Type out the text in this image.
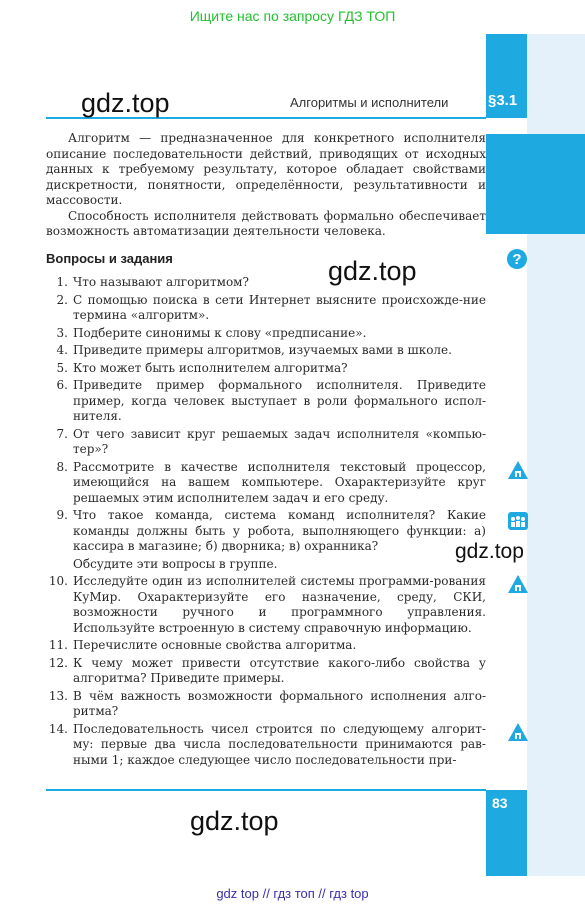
Ищите нас по запросу ГДЗ ТОП
gdz top // гдз топ // гдз top
Алгоритмы и исполнители	§3.1
gdz.top
gdz.top
gdz.top
gdz.top

Алгоритм — предназначенное для конкретного исполнителя описание последовательности действий, приводящих от исходных данных к требуемому результату, которое обладает свойствами дискретности, понятности, определённости, результативности и массовости.

Способность исполнителя действовать формально обеспечивает возможность автоматизации деятельности человека.

Вопросы и задания
1. Что называют алгоритмом?
2. С помощью поиска в сети Интернет выясните происхожде-ние термина «алгоритм».
3. Подберите синонимы к слову «предписание».
4. Приведите примеры алгоритмов, изучаемых вами в школе.
5. Кто может быть исполнителем алгоритма?
6. Приведите пример формального исполнителя. Приведите пример, когда человек выступает в роли формального испол-нителя.
7. От чего зависит круг решаемых задач исполнителя «компью-тер»?
8. Рассмотрите в качестве исполнителя текстовый процессор, имеющийся на вашем компьютере. Охарактеризуйте круг решаемых этим исполнителем задач и его среду.
9. Что такое команда, система команд исполнителя? Какие команды должны быть у робота, выполняющего функции: а) кассира в магазине; б) дворника; в) охранника?
Обсудите эти вопросы в группе.
10. Исследуйте один из исполнителей системы программи-рования КуМир. Охарактеризуйте его назначение, среду, СКИ, возможности ручного и программного управления. Используйте встроенную в систему справочную информацию.
11. Перечислите основные свойства алгоритма.
12. К чему может привести отсутствие какого-либо свойства у алгоритма? Приведите примеры.
13. В чём важность возможности формального исполнения алго-ритма?
14. Последовательность чисел строится по следующему алгорит-му: первые два числа последовательности принимаются рав-ными 1; каждое следующее число последовательности при-
?
83
